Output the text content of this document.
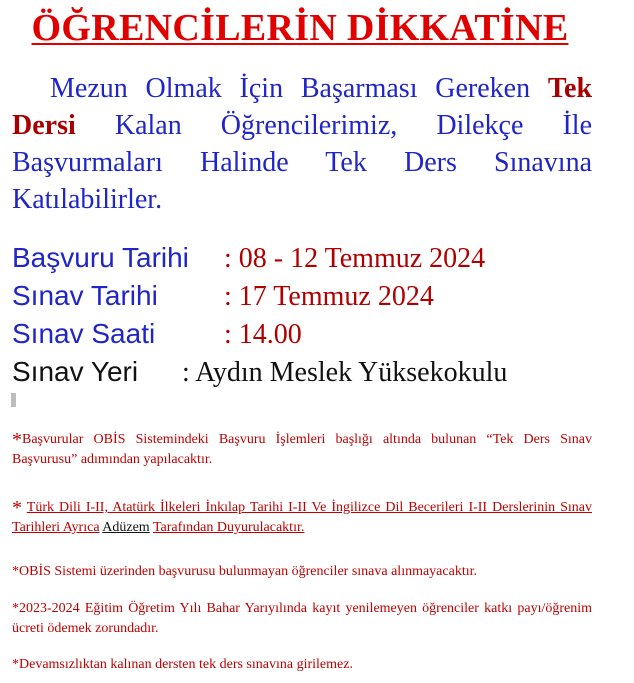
ÖĞRENCİLERİN DİKKATİNE

Mezun Olmak İçin Başarması Gereken Tek Dersi Kalan Öğrencilerimiz, Dilekçe İle Başvurmaları Halinde Tek Ders Sınavına Katılabilirler.

Başvuru Tarihi : 08 - 12 Temmuz 2024
Sınav Tarihi : 17 Temmuz 2024
Sınav Saati : 14.00
Sınav Yeri : Aydın Meslek Yüksekokulu
*Başvurular OBİS Sistemindeki Başvuru İşlemleri başlığı altında bulunan “Tek Ders Sınav Başvurusu” adımından yapılacaktır.
* Türk Dili I-II, Atatürk İlkeleri İnkılap Tarihi I-II Ve İngilizce Dil Becerileri I-II Derslerinin Sınav Tarihleri Ayrıca Adüzem Tarafından Duyurulacaktır.
*OBİS Sistemi üzerinden başvurusu bulunmayan öğrenciler sınava alınmayacaktır.
*2023-2024 Eğitim Öğretim Yılı Bahar Yarıyılında kayıt yenilemeyen öğrenciler katkı payı/öğrenim ücreti ödemek zorundadır.
*Devamsızlıktan kalınan dersten tek ders sınavına girilemez.
